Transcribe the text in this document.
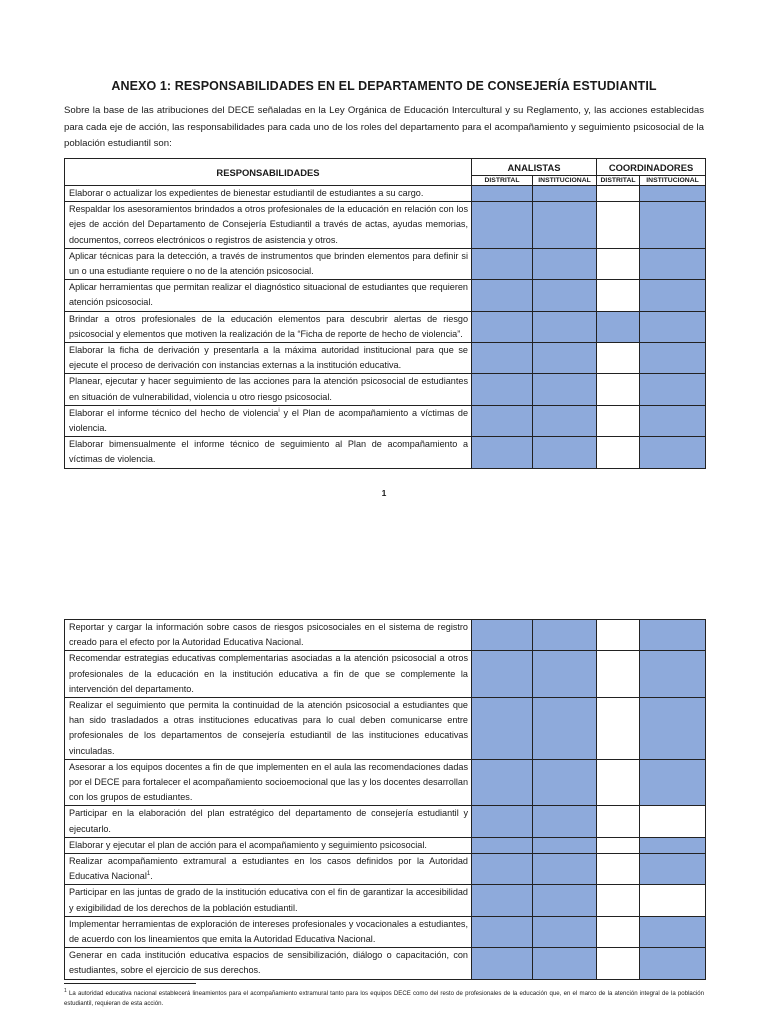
ANEXO 1: RESPONSABILIDADES EN EL DEPARTAMENTO DE CONSEJERÍA ESTUDIANTIL
Sobre la base de las atribuciones del DECE señaladas en la Ley Orgánica de Educación Intercultural y su Reglamento, y, las acciones establecidas para cada eje de acción, las responsabilidades para cada uno de los roles del departamento para el acompañamiento y seguimiento psicosocial de la población estudiantil son:
RESPONSABILIDADES	ANALISTAS		COORDINADORES	
	DISTRITAL	INSTITUCIONAL	DISTRITAL	INSTITUCIONAL
Elaborar o actualizar los expedientes de bienestar estudiantil de estudiantes a su cargo.				
Respaldar los asesoramientos brindados a otros profesionales de la educación en relación con los ejes de acción del Departamento de Consejería Estudiantil a través de actas, ayudas memorias, documentos, correos electrónicos o registros de asistencia y otros.				
Aplicar técnicas para la detección, a través de instrumentos que brinden elementos para definir si un o una estudiante requiere o no de la atención psicosocial.				
Aplicar herramientas que permitan realizar el diagnóstico situacional de estudiantes que requieren atención psicosocial.				
Brindar a otros profesionales de la educación elementos para descubrir alertas de riesgo psicosocial y elementos que motiven la realización de la “Ficha de reporte de hecho de violencia”.				
Elaborar la ficha de derivación y presentarla a la máxima autoridad institucional para que se ejecute el proceso de derivación con instancias externas a la institución educativa.				
Planear, ejecutar y hacer seguimiento de las acciones para la atención psicosocial de estudiantes en situación de vulnerabilidad, violencia u otro riesgo psicosocial.				
Elaborar el informe técnico del hecho de violencia$^i$ y el Plan de acompañamiento a víctimas de violencia.				
Elaborar bimensualmente el informe técnico de seguimiento al Plan de acompañamiento a víctimas de violencia.				
1
Reportar y cargar la información sobre casos de riesgos psicosociales en el sistema de registro creado para el efecto por la Autoridad Educativa Nacional.				
Recomendar estrategias educativas complementarias asociadas a la atención psicosocial a otros profesionales de la educación en la institución educativa a fin de que se complemente la intervención del departamento.				
Realizar el seguimiento que permita la continuidad de la atención psicosocial a estudiantes que han sido trasladados a otras instituciones educativas para lo cual deben comunicarse entre profesionales de los departamentos de consejería estudiantil de las instituciones educativas vinculadas.				
Asesorar a los equipos docentes a fin de que implementen en el aula las recomendaciones dadas por el DECE para fortalecer el acompañamiento socioemocional que las y los docentes desarrollan con los grupos de estudiantes.				
Participar en la elaboración del plan estratégico del departamento de consejería estudiantil y ejecutarlo.				
Elaborar y ejecutar el plan de acción para el acompañamiento y seguimiento psicosocial.				
Realizar acompañamiento extramural a estudiantes en los casos definidos por la Autoridad Educativa Nacional$^1$.				
Participar en las juntas de grado de la institución educativa con el fin de garantizar la accesibilidad y exigibilidad de los derechos de la población estudiantil.				
Implementar herramientas de exploración de intereses profesionales y vocacionales a estudiantes, de acuerdo con los lineamientos que emita la Autoridad Educativa Nacional.				
Generar en cada institución educativa espacios de sensibilización, diálogo o capacitación, con estudiantes, sobre el ejercicio de sus derechos.				
$^1$ La autoridad educativa nacional establecerá lineamientos para el acompañamiento extramural tanto para los equipos DECE como del resto de profesionales de la educación que, en el marco de la atención integral de la población estudiantil, requieran de esta acción.
